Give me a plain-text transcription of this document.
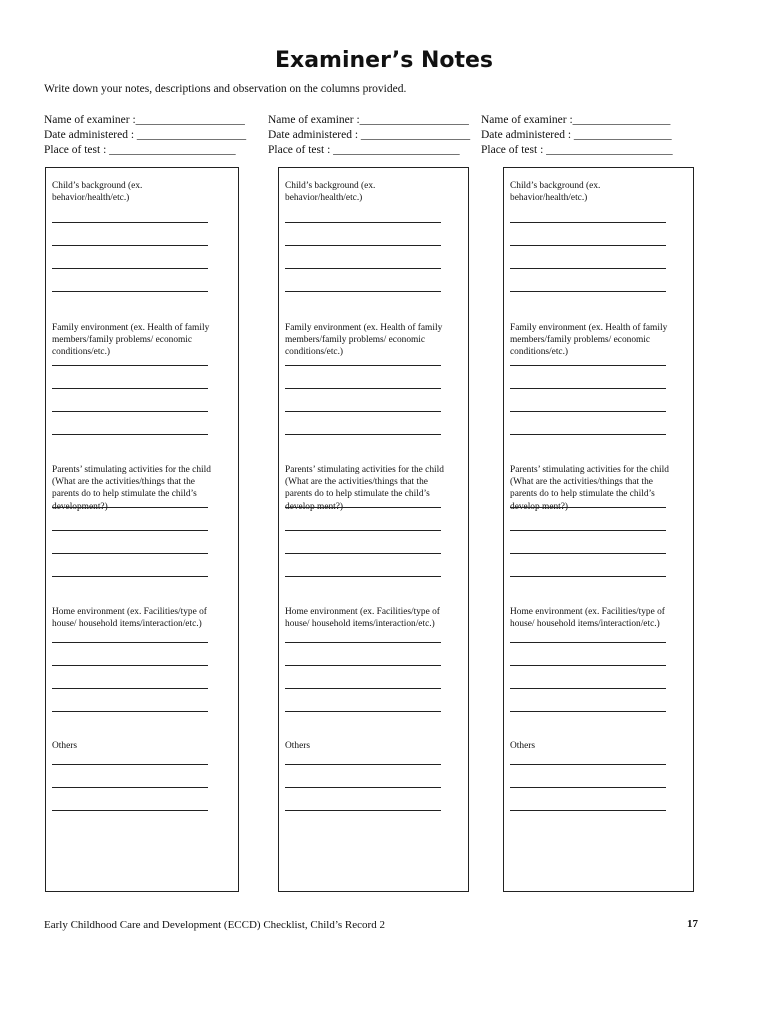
Examiner’s Notes
Write down your notes, descriptions and observation on the columns provided.
Name of examiner :___________________
Date administered : ___________________
Place of test : ______________________
Name of examiner :___________________
Date administered : ___________________
Place of test : ______________________
Name of examiner :_________________
Date administered : _________________
Place of test : ______________________
Child’s background (ex.
behavior/health/etc.)
Family environment (ex. Health of family
members/family problems/ economic
conditions/etc.)
Parents’ stimulating activities for the child
(What are the activities/things that the
parents do to help stimulate the child’s
development?)
Home environment (ex. Facilities/type of
house/ household items/interaction/etc.)
Others
Child’s background (ex.
behavior/health/etc.)
Family environment (ex. Health of family
members/family problems/ economic
conditions/etc.)
Parents’ stimulating activities for the child
(What are the activities/things that the
parents do to help stimulate the child’s
develop ment?)
Home environment (ex. Facilities/type of
house/ household items/interaction/etc.)
Others
Child’s background (ex.
behavior/health/etc.)
Family environment (ex. Health of family
members/family problems/ economic
conditions/etc.)
Parents’ stimulating activities for the child
(What are the activities/things that the
parents do to help stimulate the child’s
develop ment?)
Home environment (ex. Facilities/type of
house/ household items/interaction/etc.)
Others
Early Childhood Care and Development (ECCD) Checklist, Child’s Record 2	17
